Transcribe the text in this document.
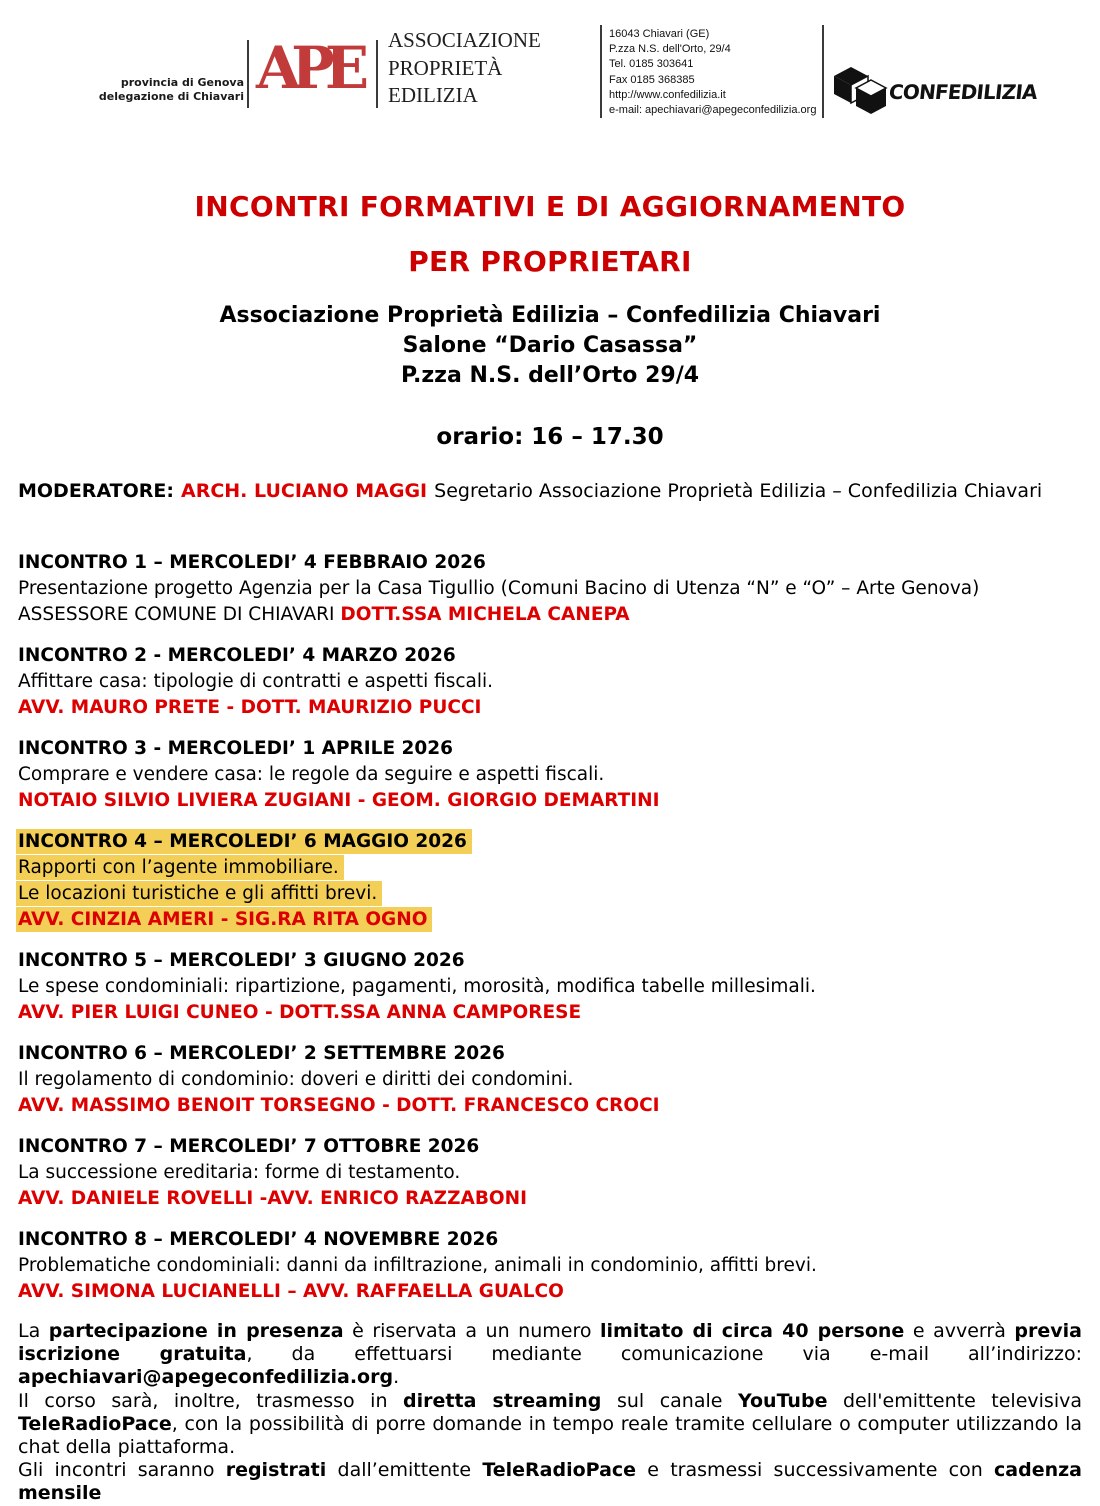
provincia di Genova
delegazione di Chiavari APE ASSOCIAZIONE
PROPRIETÀ
EDILIZIA
16043 Chiavari (GE)
P.zza N.S. dell'Orto, 29/4
Tel. 0185 303641
Fax 0185 368385
http://www.confedilizia.it
e-mail: apechiavari@apegeconfedilizia.org
CONFEDILIZIA
INCONTRI FORMATIVI E DI AGGIORNAMENTO
PER PROPRIETARI
Associazione Proprietà Edilizia – Confedilizia Chiavari
Salone “Dario Casassa”
P.zza N.S. dell’Orto 29/4
orario: 16 – 17.30

MODERATORE: ARCH. LUCIANO MAGGI Segretario Associazione Proprietà Edilizia – Confedilizia Chiavari

INCONTRO 1 – MERCOLEDI’ 4 FEBBRAIO 2026
Presentazione progetto Agenzia per la Casa Tigullio (Comuni Bacino di Utenza “N” e “O” – Arte Genova)
ASSESSORE COMUNE DI CHIAVARI DOTT.SSA MICHELA CANEPA
INCONTRO 2 - MERCOLEDI’ 4 MARZO 2026
Affittare casa: tipologie di contratti e aspetti fiscali.
AVV. MAURO PRETE - DOTT. MAURIZIO PUCCI
INCONTRO 3 - MERCOLEDI’ 1 APRILE 2026
Comprare e vendere casa: le regole da seguire e aspetti fiscali.
NOTAIO SILVIO LIVIERA ZUGIANI - GEOM. GIORGIO DEMARTINI
INCONTRO 4 – MERCOLEDI’ 6 MAGGIO 2026
Rapporti con l’agente immobiliare.
Le locazioni turistiche e gli affitti brevi.
AVV. CINZIA AMERI - SIG.RA RITA OGNO
INCONTRO 5 – MERCOLEDI’ 3 GIUGNO 2026
Le spese condominiali: ripartizione, pagamenti, morosità, modifica tabelle millesimali.
AVV. PIER LUIGI CUNEO - DOTT.SSA ANNA CAMPORESE
INCONTRO 6 – MERCOLEDI’ 2 SETTEMBRE 2026
Il regolamento di condominio: doveri e diritti dei condomini.
AVV. MASSIMO BENOIT TORSEGNO - DOTT. FRANCESCO CROCI
INCONTRO 7 – MERCOLEDI’ 7 OTTOBRE 2026
La successione ereditaria: forme di testamento.
AVV. DANIELE ROVELLI -AVV. ENRICO RAZZABONI
INCONTRO 8 – MERCOLEDI’ 4 NOVEMBRE 2026
Problematiche condominiali: danni da infiltrazione, animali in condominio, affitti brevi.
AVV. SIMONA LUCIANELLI – AVV. RAFFAELLA GUALCO
La partecipazione in presenza è riservata a un numero limitato di circa 40 persone e avverrà previa iscrizione gratuita, da effettuarsi mediante comunicazione via e-mail all’indirizzo: apechiavari@apegeconfedilizia.org.
Il corso sarà, inoltre, trasmesso in diretta streaming sul canale YouTube dell'emittente televisiva TeleRadioPace, con la possibilità di porre domande in tempo reale tramite cellulare o computer utilizzando la chat della piattaforma.
Gli incontri saranno registrati dall’emittente TeleRadioPace e trasmessi successivamente con cadenza mensile
